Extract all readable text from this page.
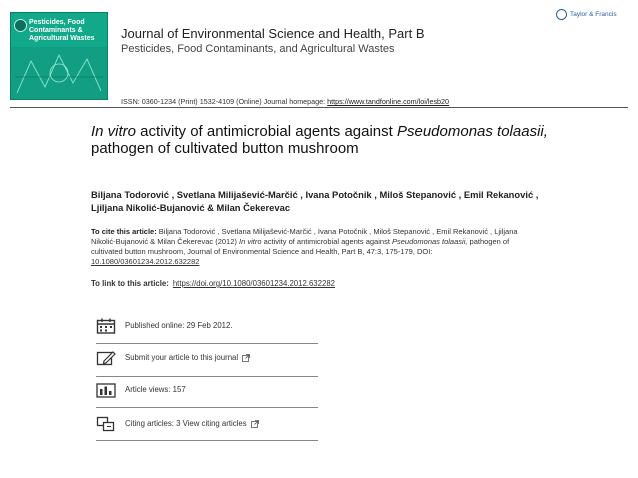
Pesticides, Food Contaminants & Agricultural Wastes	Journal of Environmental Science and Health, Part B
Pesticides, Food Contaminants, and Agricultural Wastes
Taylor & Francis
ISSN: 0360-1234 (Print) 1532-4109 (Online) Journal homepage: https://www.tandfonline.com/loi/lesb20
In vitro activity of antimicrobial agents against Pseudomonas tolaasii, pathogen of cultivated button mushroom
Biljana Todorović , Svetlana Milijašević-Marčić , Ivana Potočnik , Miloš Stepanović , Emil Rekanović , Ljiljana Nikolić-Bujanović & Milan Čekerevac
To cite this article: Biljana Todorović , Svetlana Milijašević-Marčić , Ivana Potočnik , Miloš Stepanović , Emil Rekanović , Ljiljana Nikolić-Bujanović & Milan Čekerevac (2012) In vitro activity of antimicrobial agents against Pseudomonas tolaasii, pathogen of cultivated button mushroom, Journal of Environmental Science and Health, Part B, 47:3, 175-179, DOI: 10.1080/03601234.2012.632282
To link to this article: https://doi.org/10.1080/03601234.2012.632282
Published online: 29 Feb 2012.
Submit your article to this journal
Article views: 157
Citing articles: 3 View citing articles
